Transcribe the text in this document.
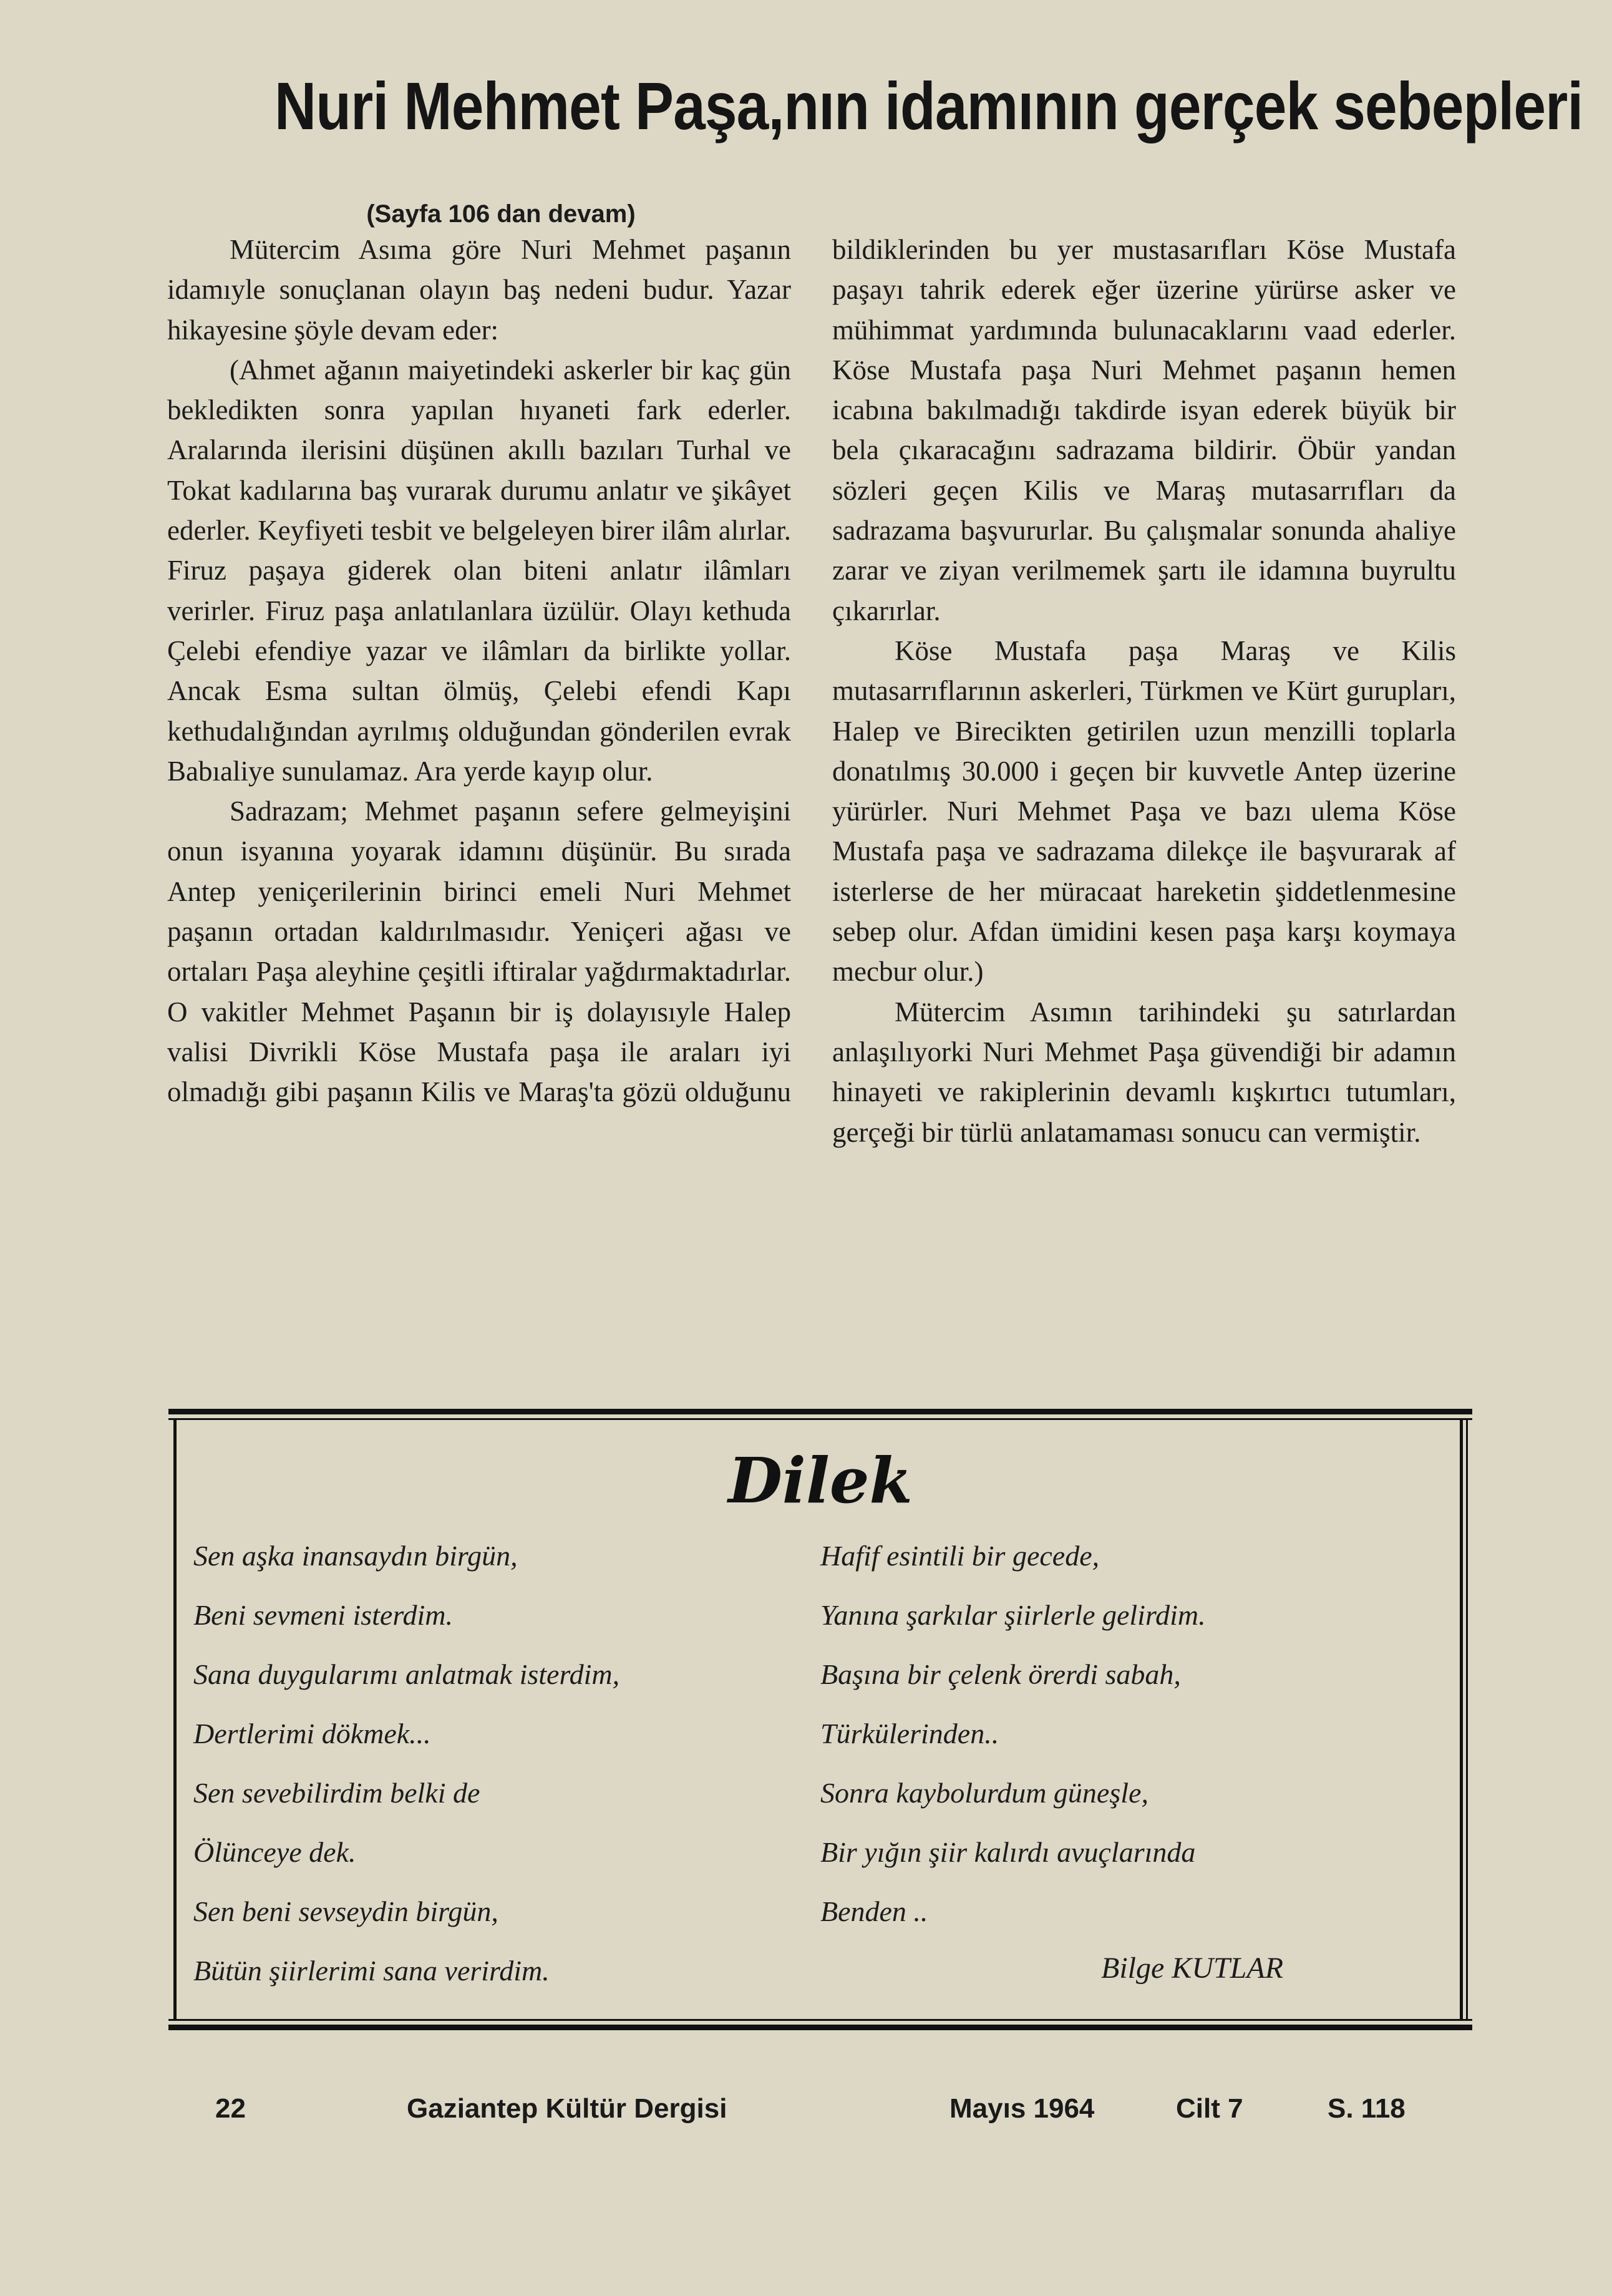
Nuri Mehmet Paşa,nın idamının gerçek sebepleri
(Sayfa 106 dan devam)

Mütercim Asıma göre Nuri Mehmet paşanın idamıyle sonuçlanan olayın baş nedeni budur. Yazar hikayesine şöyle devam eder:

(Ahmet ağanın maiyetindeki askerler bir kaç gün bekledikten sonra yapılan hıyaneti fark ederler. Aralarında ilerisini düşünen akıllı bazıları Turhal ve Tokat kadılarına baş vurarak durumu anlatır ve şikâyet ederler. Keyfiyeti tesbit ve belgeleyen birer ilâm alırlar. Firuz paşaya giderek olan biteni anlatır ilâmları verirler. Firuz paşa anlatılanlara üzülür. Olayı kethuda Çelebi efendiye yazar ve ilâmları da birlikte yollar. Ancak Esma sultan ölmüş, Çelebi efendi Kapı kethudalığından ayrılmış olduğundan gönderilen evrak Babıaliye sunulamaz. Ara yerde kayıp olur.

Sadrazam; Mehmet paşanın sefere gelmeyişini onun isyanına yoyarak idamını düşünür. Bu sırada Antep yeniçerilerinin birinci emeli Nuri Mehmet paşanın ortadan kaldırılmasıdır. Yeniçeri ağası ve ortaları Paşa aleyhine çeşitli iftiralar yağdırmaktadırlar. O vakitler Mehmet Paşanın bir iş dolayısıyle Halep valisi Divrikli Köse Mustafa paşa ile araları iyi olmadığı gibi paşanın Kilis ve Maraş'ta gözü olduğunu

bildiklerinden bu yer mustasarıfları Köse Mustafa paşayı tahrik ederek eğer üzerine yürürse asker ve mühimmat yardımında bulunacaklarını vaad ederler. Köse Mustafa paşa Nuri Mehmet paşanın hemen icabına bakılmadığı takdirde isyan ederek büyük bir bela çıkaracağını sadrazama bildirir. Öbür yandan sözleri geçen Kilis ve Maraş mutasarrıfları da sadrazama başvururlar. Bu çalışmalar sonunda ahaliye zarar ve ziyan verilmemek şartı ile idamına buyrultu çıkarırlar.

Köse Mustafa paşa Maraş ve Kilis mutasarrıflarının askerleri, Türkmen ve Kürt gurupları, Halep ve Birecikten getirilen uzun menzilli toplarla donatılmış 30.000 i geçen bir kuvvetle Antep üzerine yürürler. Nuri Mehmet Paşa ve bazı ulema Köse Mustafa paşa ve sadrazama dilekçe ile başvurarak af isterlerse de her müracaat hareketin şiddetlenmesine sebep olur. Afdan ümidini kesen paşa karşı koymaya mecbur olur.)

Mütercim Asımın tarihindeki şu satırlardan anlaşılıyorki Nuri Mehmet Paşa güvendiği bir adamın hinayeti ve rakiplerinin devamlı kışkırtıcı tutumları, gerçeği bir türlü anlatamaması sonucu can vermiştir.

Dilek
Sen aşka inansaydın birgün,
Beni sevmeni isterdim.
Sana duygularımı anlatmak isterdim,
Dertlerimi dökmek...
Sen sevebilirdim belki de
Ölünceye dek.
Sen beni sevseydin birgün,
Bütün şiirlerimi sana verirdim.
Hafif esintili bir gecede,
Yanına şarkılar şiirlerle gelirdim.
Başına bir çelenk örerdi sabah,
Türkülerinden..
Sonra kaybolurdum güneşle,
Bir yığın şiir kalırdı avuçlarında
Benden ..
Bilge KUTLAR
22	Gaziantep Kültür Dergisi	Mayıs 1964	Cilt 7	S. 118
